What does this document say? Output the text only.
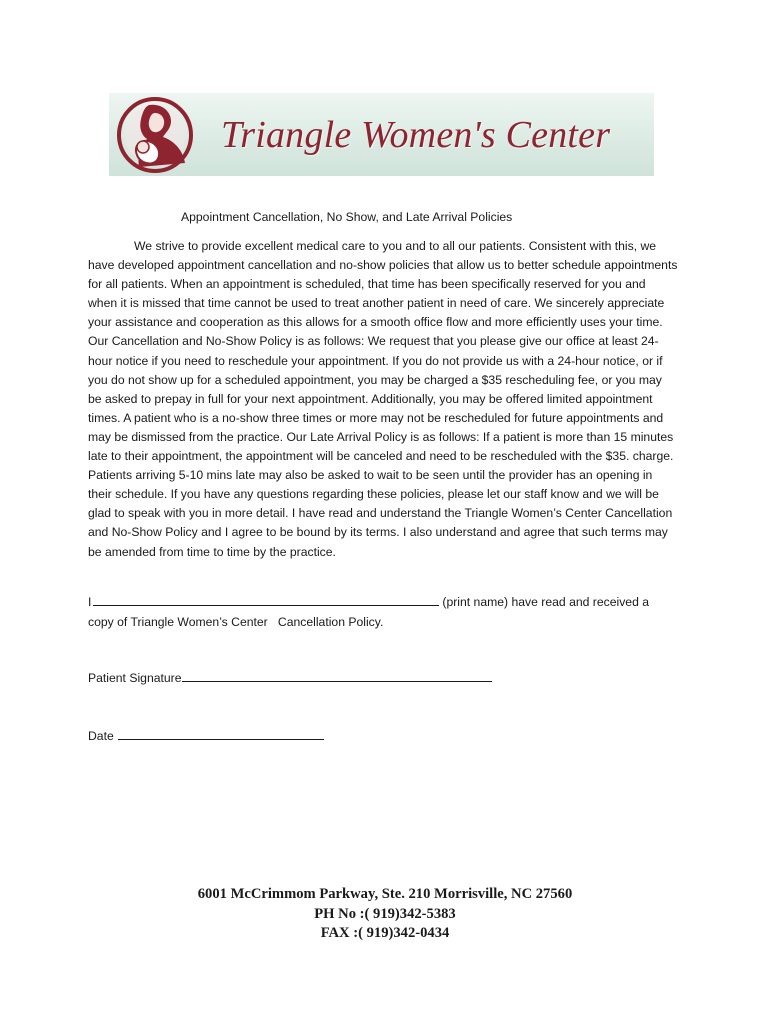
Triangle Women's Center
Appointment Cancellation, No Show, and Late Arrival Policies

We strive to provide excellent medical care to you and to all our patients. Consistent with this, we have developed appointment cancellation and no-show policies that allow us to better schedule appointments for all patients. When an appointment is scheduled, that time has been specifically reserved for you and when it is missed that time cannot be used to treat another patient in need of care. We sincerely appreciate your assistance and cooperation as this allows for a smooth office flow and more efficiently uses your time. Our Cancellation and No-Show Policy is as follows: We request that you please give our office at least 24-hour notice if you need to reschedule your appointment. If you do not provide us with a 24-hour notice, or if you do not show up for a scheduled appointment, you may be charged a $35 rescheduling fee, or you may be asked to prepay in full for your next appointment. Additionally, you may be offered limited appointment times. A patient who is a no-show three times or more may not be rescheduled for future appointments and may be dismissed from the practice. Our Late Arrival Policy is as follows: If a patient is more than 15 minutes late to their appointment, the appointment will be canceled and need to be rescheduled with the $35. charge. Patients arriving 5-10 mins late may also be asked to wait to be seen until the provider has an opening in their schedule. If you have any questions regarding these policies, please let our staff know and we will be glad to speak with you in more detail. I have read and understand the Triangle Women’s Center Cancellation and No-Show Policy and I agree to be bound by its terms. I also understand and agree that such terms may be amended from time to time by the practice.

I	(print name) have read and received a
copy of Triangle Women’s Center   Cancellation Policy.
Patient Signature
Date
6001 McCrimmom Parkway, Ste. 210 Morrisville, NC 27560
PH No :( 919)342-5383
FAX :( 919)342-0434
